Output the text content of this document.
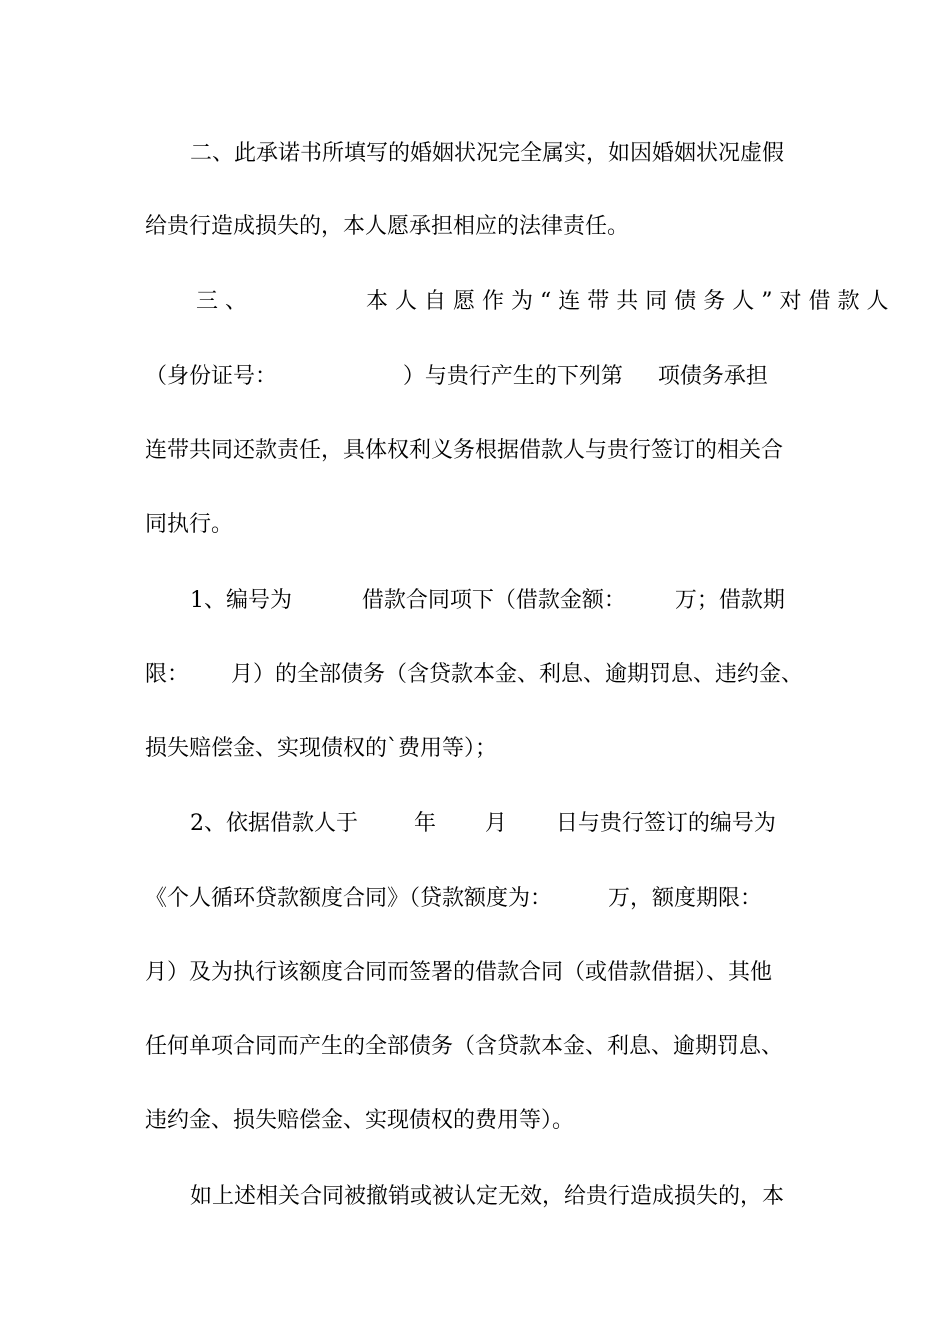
二、此承诺书所填写的婚姻状况完全属实，如因婚姻状况虚假
给贵行造成损失的，本人愿承担相应的法律责任。
三、        本人自愿作为“连带共同债务人”对借款人
（身份证号：                  ）与贵行产生的下列第     项债务承担
连带共同还款责任，具体权利义务根据借款人与贵行签订的相关合
同执行。
1、编号为          借款合同项下（借款金额：       万；借款期
限：      月）的全部债务（含贷款本金、利息、逾期罚息、违约金、
损失赔偿金、实现债权的`费用等）；
2、依据借款人于        年       月       日与贵行签订的编号为
《个人循环贷款额度合同》（贷款额度为：        万，额度期限：
月）及为执行该额度合同而签署的借款合同（或借款借据）、其他
任何单项合同而产生的全部债务（含贷款本金、利息、逾期罚息、
违约金、损失赔偿金、实现债权的费用等）。
如上述相关合同被撤销或被认定无效，给贵行造成损失的，本
